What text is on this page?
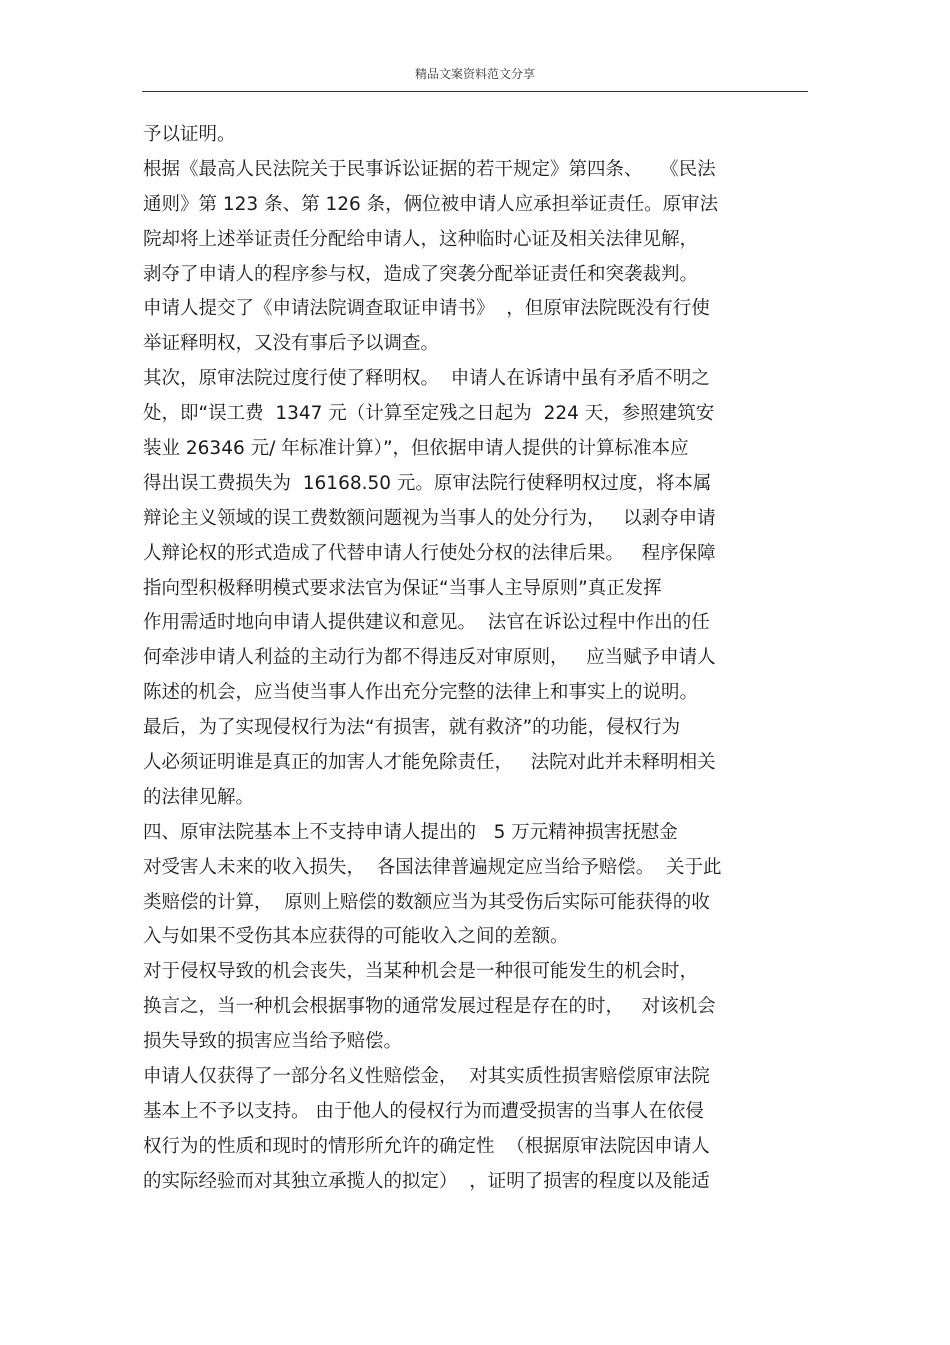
精品文案资料范文分享
予以证明。
根据《最高人民法院关于民事诉讼证据的若干规定》第四条、   《民法
通则》第 123 条、第 126 条，俩位被申请人应承担举证责任。原审法
院却将上述举证责任分配给申请人，这种临时心证及相关法律见解，
剥夺了申请人的程序参与权，造成了突袭分配举证责任和突袭裁判。
申请人提交了《申请法院调查取证申请书》  ，但原审法院既没有行使
举证释明权，又没有事后予以调查。
其次，原审法院过度行使了释明权。  申请人在诉请中虽有矛盾不明之
处，即“误工费  1347 元（计算至定残之日起为  224 天，参照建筑安
装业 26346 元/ 年标准计算）”，但依据申请人提供的计算标准本应
得出误工费损失为  16168.50 元。原审法院行使释明权过度，将本属
辩论主义领域的误工费数额问题视为当事人的处分行为，   以剥夺申请
人辩论权的形式造成了代替申请人行使处分权的法律后果。   程序保障
指向型积极释明模式要求法官为保证“当事人主导原则”真正发挥
作用需适时地向申请人提供建议和意见。  法官在诉讼过程中作出的任
何牵涉申请人利益的主动行为都不得违反对审原则，   应当赋予申请人
陈述的机会，应当使当事人作出充分完整的法律上和事实上的说明。
最后，为了实现侵权行为法“有损害，就有救济”的功能，侵权行为
人必须证明谁是真正的加害人才能免除责任，   法院对此并未释明相关
的法律见解。
四、原审法院基本上不支持申请人提出的   5 万元精神损害抚慰金
对受害人未来的收入损失，  各国法律普遍规定应当给予赔偿。  关于此
类赔偿的计算，  原则上赔偿的数额应当为其受伤后实际可能获得的收
入与如果不受伤其本应获得的可能收入之间的差额。
对于侵权导致的机会丧失，当某种机会是一种很可能发生的机会时，
换言之，当一种机会根据事物的通常发展过程是存在的时，   对该机会
损失导致的损害应当给予赔偿。
申请人仅获得了一部分名义性赔偿金，  对其实质性损害赔偿原审法院
基本上不予以支持。 由于他人的侵权行为而遭受损害的当事人在依侵
权行为的性质和现时的情形所允许的确定性  （根据原审法院因申请人
的实际经验而对其独立承揽人的拟定）  ，证明了损害的程度以及能适
